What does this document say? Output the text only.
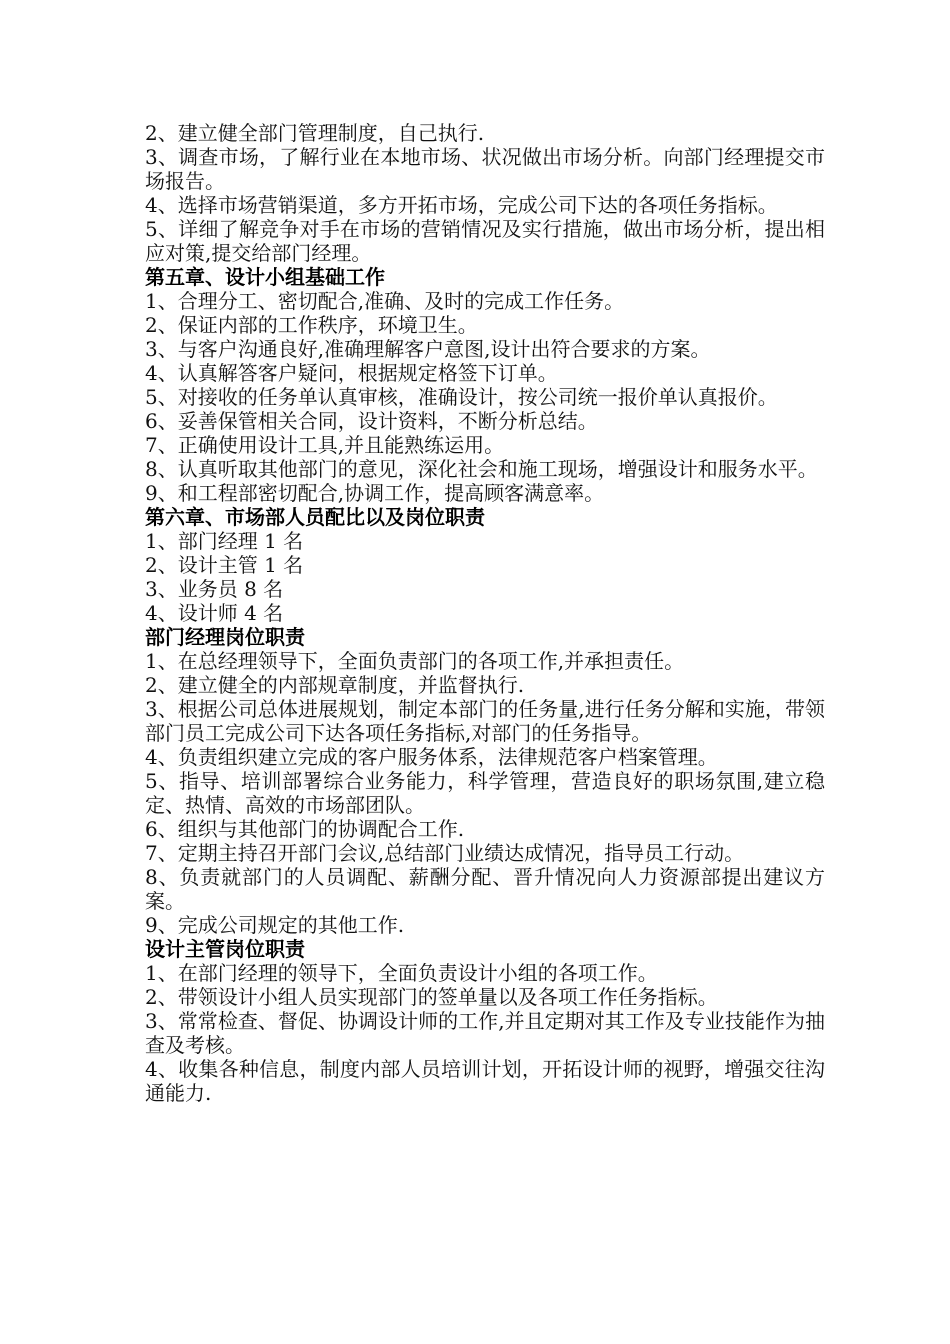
2、建立健全部门管理制度，自己执行.

3、调查市场，了解行业在本地市场、状况做出市场分析。向部门经理提交市场报告。

4、选择市场营销渠道，多方开拓市场，完成公司下达的各项任务指标。

5、详细了解竞争对手在市场的营销情况及实行措施，做出市场分析，提出相应对策,提交给部门经理。

第五章、设计小组基础工作

1、合理分工、密切配合,准确、及时的完成工作任务。

2、保证内部的工作秩序，环境卫生。

3、与客户沟通良好,准确理解客户意图,设计出符合要求的方案。

4、认真解答客户疑问，根据规定格签下订单。

5、对接收的任务单认真审核，准确设计，按公司统一报价单认真报价。

6、妥善保管相关合同，设计资料，不断分析总结。

7、正确使用设计工具,并且能熟练运用。

8、认真听取其他部门的意见，深化社会和施工现场，增强设计和服务水平。

9、和工程部密切配合,协调工作，提高顾客满意率。

第六章、市场部人员配比以及岗位职责

1、部门经理 1 名

2、设计主管 1 名

3、业务员 8 名

4、设计师 4 名

部门经理岗位职责

1、在总经理领导下，全面负责部门的各项工作,并承担责任。

2、建立健全的内部规章制度，并监督执行.

3、根据公司总体进展规划，制定本部门的任务量,进行任务分解和实施，带领部门员工完成公司下达各项任务指标,对部门的任务指导。

4、负责组织建立完成的客户服务体系，法律规范客户档案管理。

5、指导、培训部署综合业务能力，科学管理，营造良好的职场氛围,建立稳定、热情、高效的市场部团队。

6、组织与其他部门的协调配合工作.

7、定期主持召开部门会议,总结部门业绩达成情况，指导员工行动。

8、负责就部门的人员调配、薪酬分配、晋升情况向人力资源部提出建议方案。

9、完成公司规定的其他工作.

设计主管岗位职责

1、在部门经理的领导下，全面负责设计小组的各项工作。

2、带领设计小组人员实现部门的签单量以及各项工作任务指标。

3、常常检查、督促、协调设计师的工作,并且定期对其工作及专业技能作为抽查及考核。

4、收集各种信息，制度内部人员培训计划，开拓设计师的视野，增强交往沟通能力.
